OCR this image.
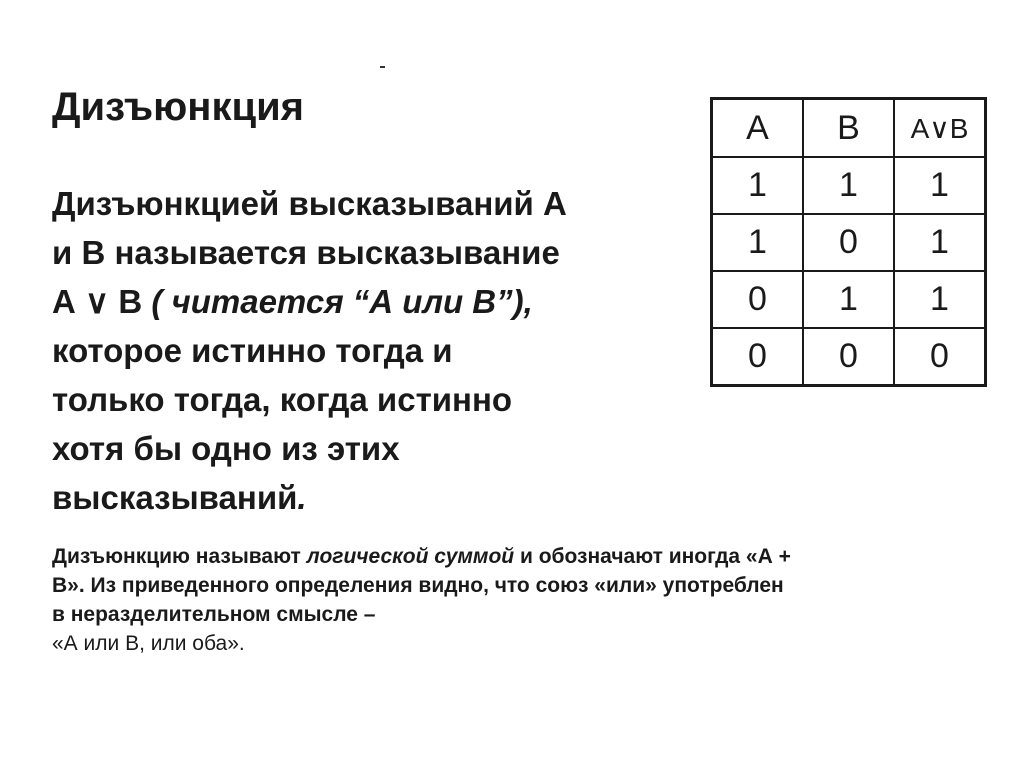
Дизъюнкция
Дизъюнкцией высказываний А
и В называется высказывание
А ∨ В ( читается “А или В”),
которое истинно тогда и
только тогда, когда истинно
хотя бы одно из этих
высказываний.
A	B	A∨B
1	1	1
1	0	1
0	1	1
0	0	0
Дизъюнкцию называют логической суммой и обозначают иногда «А +
В». Из приведенного определения видно, что союз «или» употреблен
в неразделительном смысле –
«А или В, или оба».
